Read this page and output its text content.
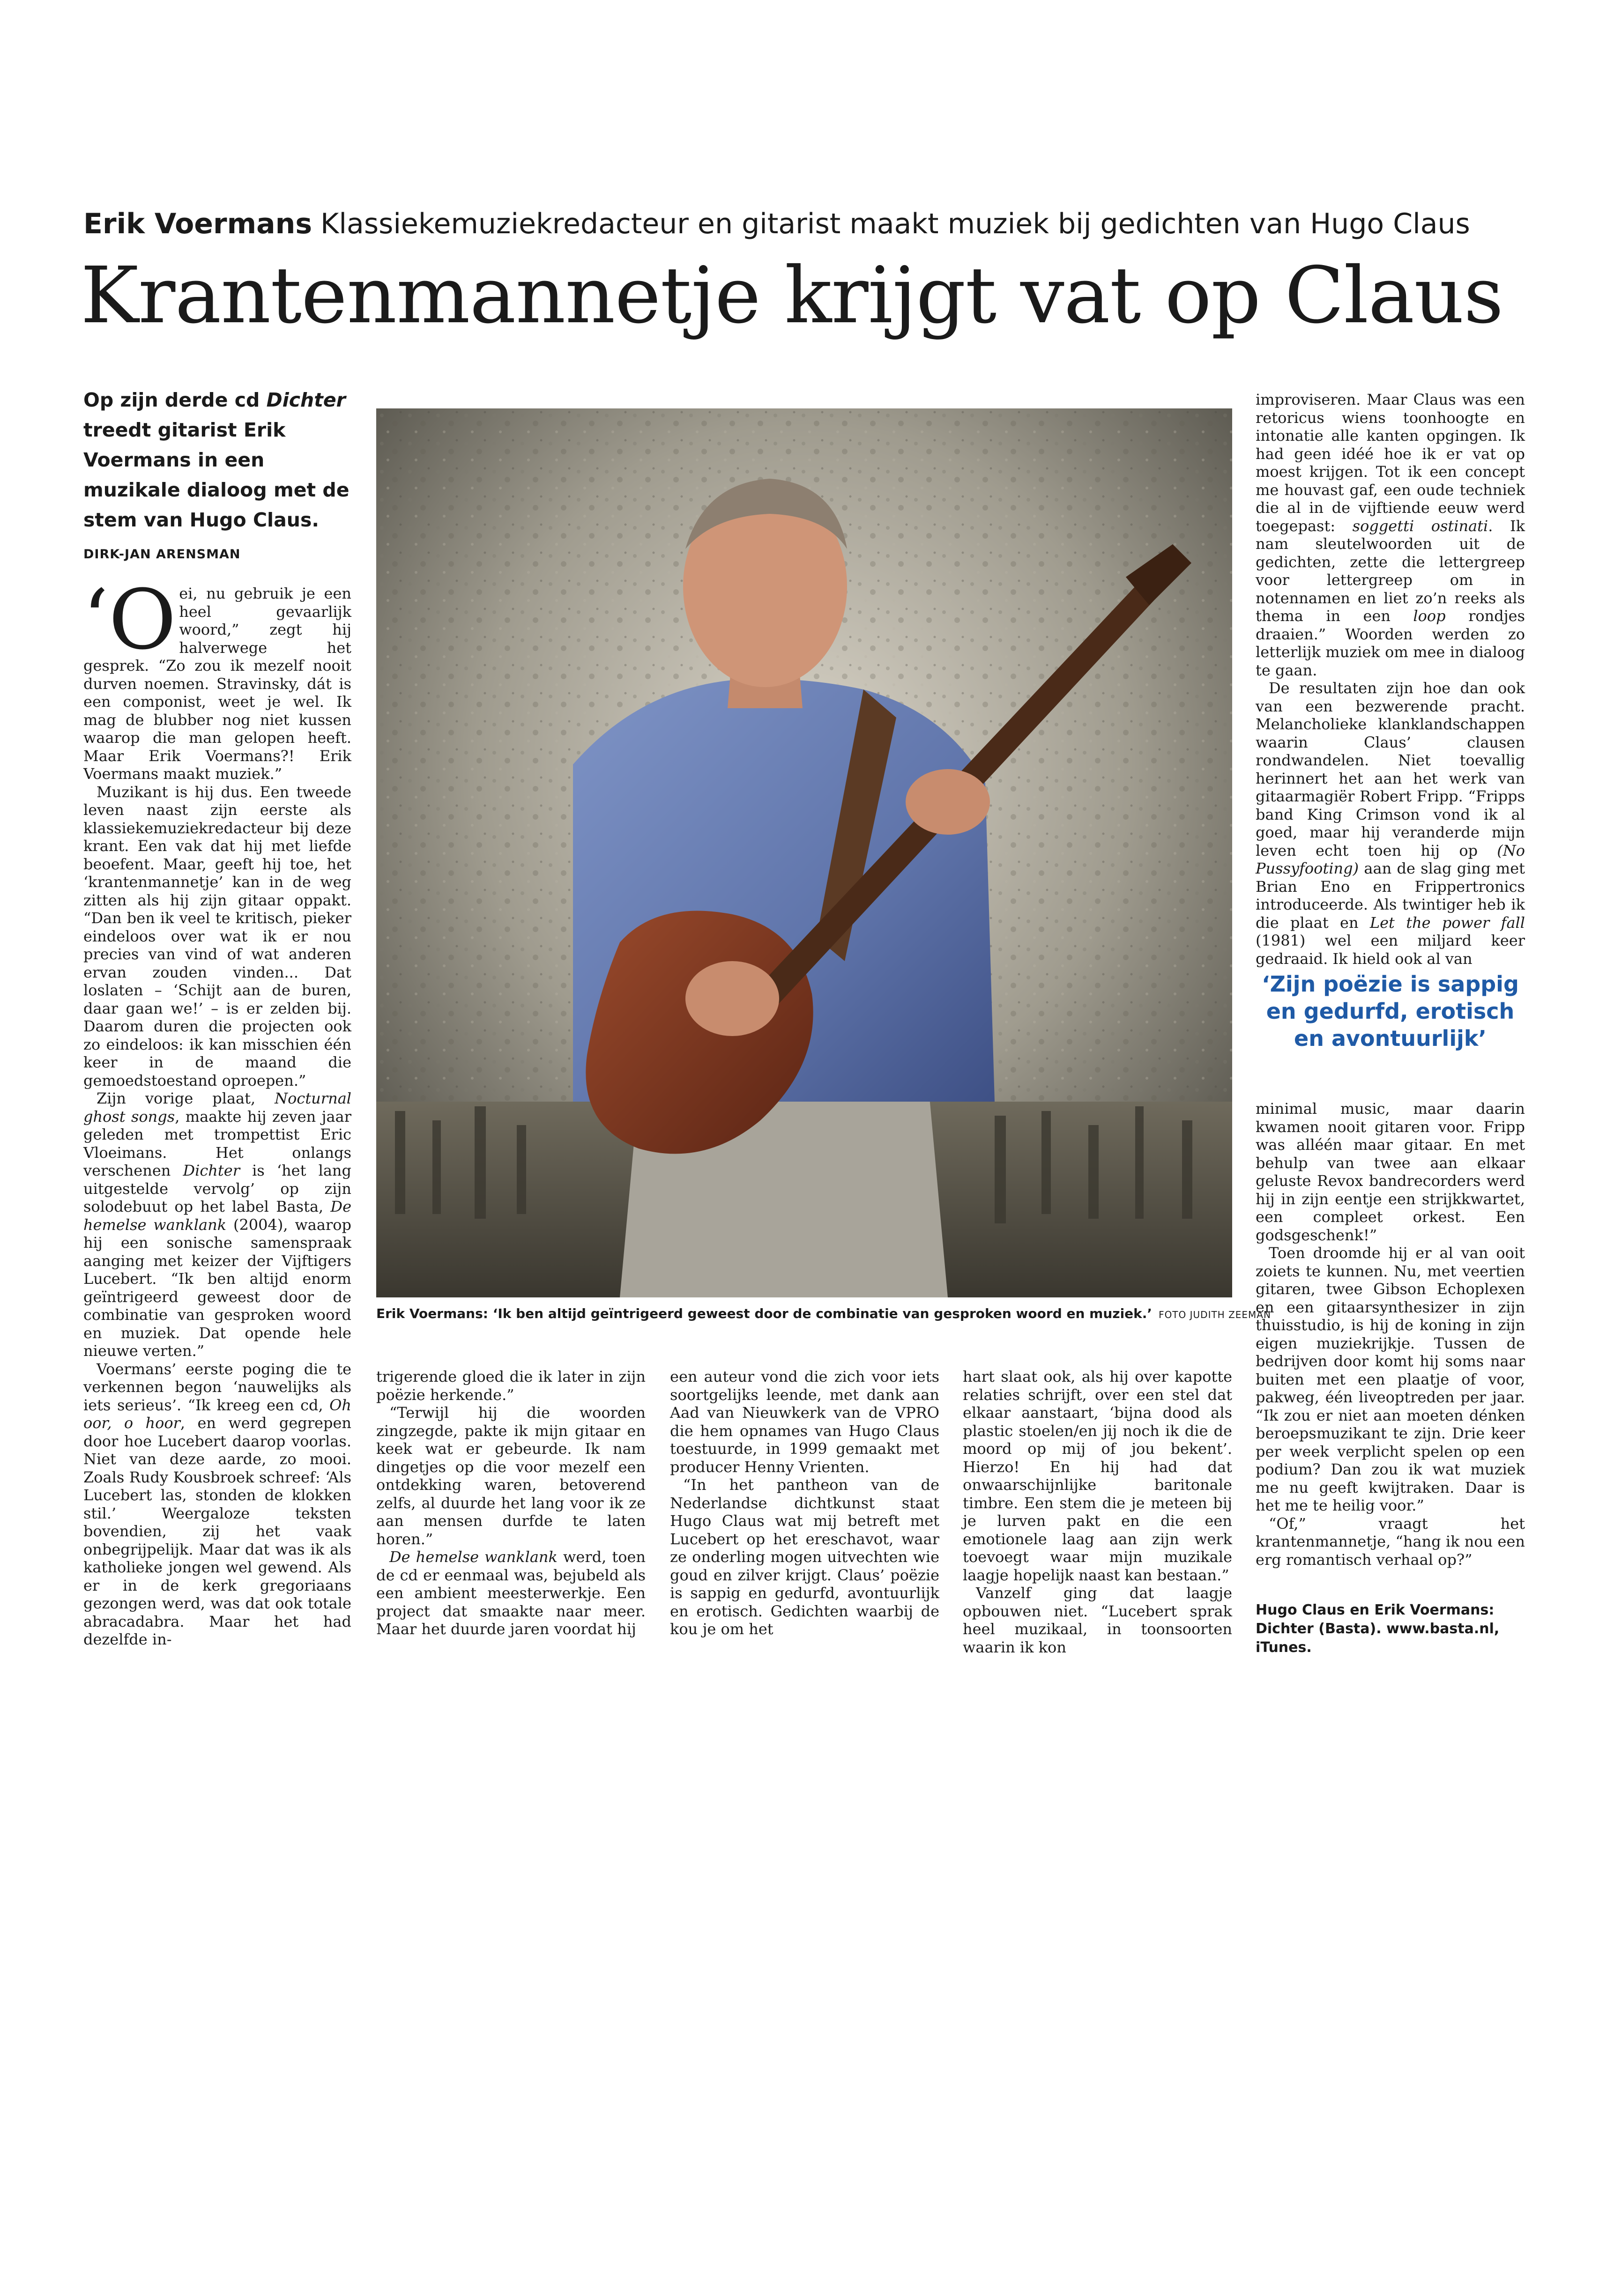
Erik Voermans Klassiekemuziekredacteur en gitarist maakt muziek bij gedichten van Hugo Claus
Krantenmannetje krijgt vat op Claus
Op zijn derde cd Dichter treedt gitarist Erik Voermans in een muzikale dialoog met de stem van Hugo Claus.
DIRK-JAN ARENSMAN

‘Oei, nu gebruik je een heel gevaarlijk woord,” zegt hij halverwege het gesprek. “Zo zou ik mezelf nooit durven noemen. Stravinsky, dát is een componist, weet je wel. Ik mag de blubber nog niet kussen waarop die man gelopen heeft. Maar Erik Voermans?! Erik Voermans maakt muziek.”

Muzikant is hij dus. Een tweede leven naast zijn eerste als klassiekemuziekredacteur bij deze krant. Een vak dat hij met liefde beoefent. Maar, geeft hij toe, het ‘krantenmannetje’ kan in de weg zitten als hij zijn gitaar oppakt. “Dan ben ik veel te kritisch, pieker eindeloos over wat ik er nou precies van vind of wat anderen ervan zouden vinden... Dat loslaten – ‘Schijt aan de buren, daar gaan we!’ – is er zelden bij. Daarom duren die projecten ook zo eindeloos: ik kan misschien één keer in de maand die gemoedstoestand oproepen.”

Zijn vorige plaat, Nocturnal ghost songs, maakte hij zeven jaar geleden met trompettist Eric Vloeimans. Het onlangs verschenen Dichter is ‘het lang uitgestelde vervolg’ op zijn solodebuut op het label Basta, De hemelse wanklank (2004), waarop hij een sonische samenspraak aanging met keizer der Vijftigers Lucebert. “Ik ben altijd enorm geïntrigeerd geweest door de combinatie van gesproken woord en muziek. Dat opende hele nieuwe verten.”

Voermans’ eerste poging die te verkennen begon ‘nauwelijks als iets serieus’. “Ik kreeg een cd, Oh oor, o hoor, en werd gegrepen door hoe Lucebert daarop voorlas. Niet van deze aarde, zo mooi. Zoals Rudy Kousbroek schreef: ‘Als Lucebert las, stonden de klokken stil.’ Weergaloze teksten bovendien, zij het vaak onbegrijpelijk. Maar dat was ik als katholieke jongen wel gewend. Als er in de kerk gregoriaans gezongen werd, was dat ook totale abracadabra. Maar het had dezelfde in-

Erik Voermans: ‘Ik ben altijd geïntrigeerd geweest door de combinatie van gesproken woord en muziek.’ FOTO JUDITH ZEEMAN

trigerende gloed die ik later in zijn poëzie herkende.”

“Terwijl hij die woorden zingzegde, pakte ik mijn gitaar en keek wat er gebeurde. Ik nam dingetjes op die voor mezelf een ontdekking waren, betoverend zelfs, al duurde het lang voor ik ze aan mensen durfde te laten horen.”

De hemelse wanklank werd, toen de cd er eenmaal was, bejubeld als een ambient meesterwerkje. Een project dat smaakte naar meer. Maar het duurde jaren voordat hij

een auteur vond die zich voor iets soortgelijks leende, met dank aan Aad van Nieuwkerk van de VPRO die hem opnames van Hugo Claus toestuurde, in 1999 gemaakt met producer Henny Vrienten.

“In het pantheon van de Nederlandse dichtkunst staat Hugo Claus wat mij betreft met Lucebert op het ereschavot, waar ze onderling mogen uitvechten wie goud en zilver krijgt. Claus’ poëzie is sappig en gedurfd, avontuurlijk en erotisch. Gedichten waarbij de kou je om het

hart slaat ook, als hij over kapotte relaties schrijft, over een stel dat elkaar aanstaart, ‘bijna dood als plastic stoelen/en jij noch ik die de moord op mij of jou bekent’. Hierzo! En hij had dat onwaarschijnlijke baritonale timbre. Een stem die je meteen bij je lurven pakt en die een emotionele laag aan zijn werk toevoegt waar mijn muzikale laagje hopelijk naast kan bestaan.”

Vanzelf ging dat laagje opbouwen niet. “Lucebert sprak heel muzikaal, in toonsoorten waarin ik kon

improviseren. Maar Claus was een retoricus wiens toonhoogte en intonatie alle kanten opgingen. Ik had geen idéé hoe ik er vat op moest krijgen. Tot ik een concept me houvast gaf, een oude techniek die al in de vijftiende eeuw werd toegepast: soggetti ostinati. Ik nam sleutelwoorden uit de gedichten, zette die lettergreep voor lettergreep om in notennamen en liet zo’n reeks als thema in een loop rondjes draaien.” Woorden werden zo letterlijk muziek om mee in dialoog te gaan.

De resultaten zijn hoe dan ook van een bezwerende pracht. Melancholieke klanklandschappen waarin Claus’ clausen rondwandelen. Niet toevallig herinnert het aan het werk van gitaarmagiër Robert Fripp. “Fripps band King Crimson vond ik al goed, maar hij veranderde mijn leven echt toen hij op (No Pussyfooting) aan de slag ging met Brian Eno en Frippertronics introduceerde. Als twintiger heb ik die plaat en Let the power fall (1981) wel een miljard keer gedraaid. Ik hield ook al van

‘Zijn poëzie is sappig en gedurfd, erotisch en avontuurlijk’

minimal music, maar daarin kwamen nooit gitaren voor. Fripp was alléén maar gitaar. En met behulp van twee aan elkaar geluste Revox bandrecorders werd hij in zijn eentje een strijkkwartet, een compleet orkest. Een godsgeschenk!”

Toen droomde hij er al van ooit zoiets te kunnen. Nu, met veertien gitaren, twee Gibson Echoplexen en een gitaarsynthesizer in zijn thuisstudio, is hij de koning in zijn eigen muziekrijkje. Tussen de bedrijven door komt hij soms naar buiten met een plaatje of voor, pakweg, één liveoptreden per jaar. “Ik zou er niet aan moeten dénken beroepsmuzikant te zijn. Drie keer per week verplicht spelen op een podium? Dan zou ik wat muziek me nu geeft kwijtraken. Daar is het me te heilig voor.”

“Of,” vraagt het krantenmannetje, “hang ik nou een erg romantisch verhaal op?”

Hugo Claus en Erik Voermans: Dichter (Basta). www.basta.nl, iTunes.
